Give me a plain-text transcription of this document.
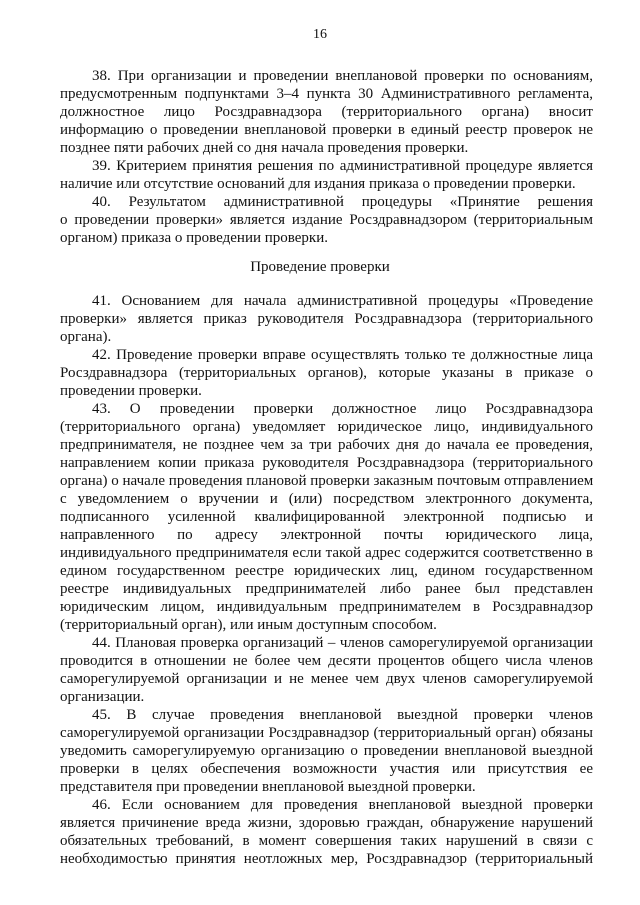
16
38. При организации и проведении внеплановой проверки по основаниям,
предусмотренным подпунктами 3–4 пункта 30 Административного регламента,
должностное лицо Росздравнадзора (территориального органа) вносит
информацию о проведении внеплановой проверки в единый реестр проверок не
позднее пяти рабочих дней со дня начала проведения проверки.
39. Критерием принятия решения по административной процедуре является
наличие или отсутствие оснований для издания приказа о проведении проверки.
40. Результатом административной процедуры «Принятие решения
о проведении проверки» является издание Росздравнадзором (территориальным
органом) приказа о проведении проверки.
Проведение проверки
41. Основанием для начала административной процедуры «Проведение
проверки» является приказ руководителя Росздравнадзора (территориального
органа).
42. Проведение проверки вправе осуществлять только те должностные лица
Росздравнадзора (территориальных органов), которые указаны в приказе о
проведении проверки.
43. О проведении проверки должностное лицо Росздравнадзора
(территориального органа) уведомляет юридическое лицо, индивидуального
предпринимателя, не позднее чем за три рабочих дня до начала ее проведения,
направлением копии приказа руководителя Росздравнадзора (территориального
органа) о начале проведения плановой проверки заказным почтовым отправлением
с уведомлением о вручении и (или) посредством электронного документа,
подписанного усиленной квалифицированной электронной подписью и
направленного по адресу электронной почты юридического лица,
индивидуального предпринимателя если такой адрес содержится соответственно в
едином государственном реестре юридических лиц, едином государственном
реестре индивидуальных предпринимателей либо ранее был представлен
юридическим лицом, индивидуальным предпринимателем в Росздравнадзор
(территориальный орган), или иным доступным способом.
44. Плановая проверка организаций – членов саморегулируемой организации
проводится в отношении не более чем десяти процентов общего числа членов
саморегулируемой организации и не менее чем двух членов саморегулируемой
организации.
45. В случае проведения внеплановой выездной проверки членов
саморегулируемой организации Росздравнадзор (территориальный орган) обязаны
уведомить саморегулируемую организацию о проведении внеплановой выездной
проверки в целях обеспечения возможности участия или присутствия ее
представителя при проведении внеплановой выездной проверки.
46. Если основанием для проведения внеплановой выездной проверки
является причинение вреда жизни, здоровью граждан, обнаружение нарушений
обязательных требований, в момент совершения таких нарушений в связи с
необходимостью принятия неотложных мер, Росздравнадзор (территориальный
